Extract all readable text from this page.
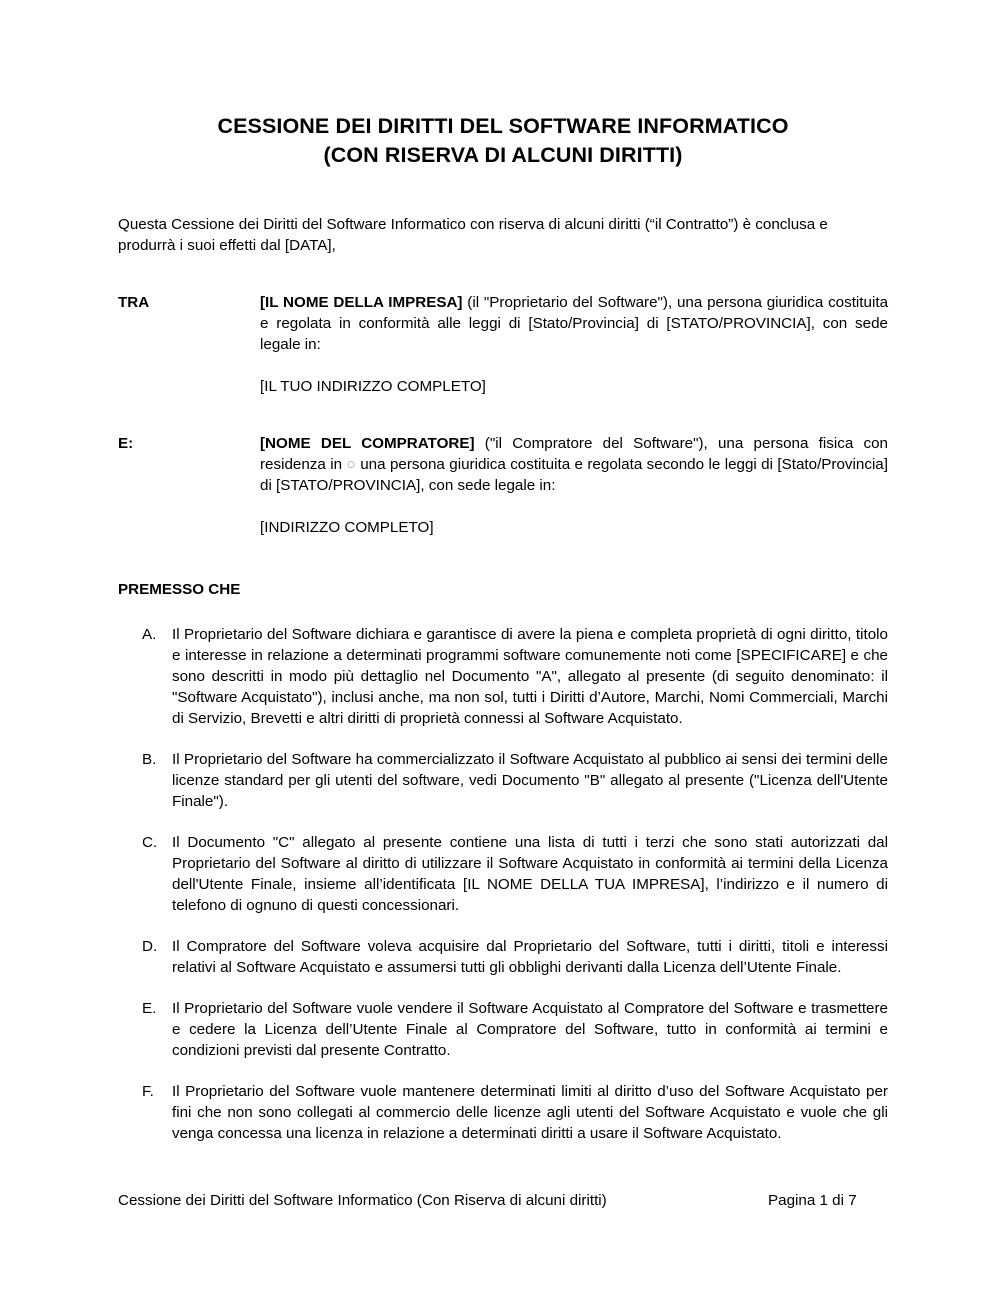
CESSIONE DEI DIRITTI DEL SOFTWARE INFORMATICO
(CON RISERVA DI ALCUNI DIRITTI)

Questa Cessione dei Diritti del Software Informatico con riserva di alcuni diritti (“il Contratto”) è conclusa e produrrà i suoi effetti dal [DATA],

TRA	[IL NOME DELLA IMPRESA] (il "Proprietario del Software"), una persona giuridica costituita e regolata in conformità alle leggi di [Stato/Provincia] di [STATO/PROVINCIA], con sede legale in:
[IL TUO INDIRIZZO COMPLETO]
E:	[NOME DEL COMPRATORE] ("il Compratore del Software"), una persona fisica con residenza in ○ una persona giuridica costituita e regolata secondo le leggi di [Stato/Provincia] di [STATO/PROVINCIA], con sede legale in:
[INDIRIZZO COMPLETO]
PREMESSO CHE
A.	Il Proprietario del Software dichiara e garantisce di avere la piena e completa proprietà di ogni diritto, titolo e interesse in relazione a determinati programmi software comunemente noti come [SPECIFICARE] e che sono descritti in modo più dettaglio nel Documento "A", allegato al presente (di seguito denominato: il "Software Acquistato"), inclusi anche, ma non sol, tutti i Diritti d’Autore, Marchi, Nomi Commerciali, Marchi di Servizio, Brevetti e altri diritti di proprietà connessi al Software Acquistato.
B.	Il Proprietario del Software ha commercializzato il Software Acquistato al pubblico ai sensi dei termini delle licenze standard per gli utenti del software, vedi Documento "B" allegato al presente ("Licenza dell'Utente Finale").
C. Il Documento "C" allegato al presente contiene una lista di tutti i terzi che sono stati autorizzati dal Proprietario del Software al diritto di utilizzare il Software Acquistato in conformità ai termini della Licenza dell'Utente Finale, insieme all’identificata [IL NOME DELLA TUA IMPRESA], l’indirizzo e il numero di telefono di ognuno di questi concessionari.
D. Il Compratore del Software voleva acquisire dal Proprietario del Software, tutti i diritti, titoli e interessi relativi al Software Acquistato e assumersi tutti gli obblighi derivanti dalla Licenza dell’Utente Finale.
E.	Il Proprietario del Software vuole vendere il Software Acquistato al Compratore del Software e trasmettere e cedere la Licenza dell’Utente Finale al Compratore del Software, tutto in conformità ai termini e condizioni previsti dal presente Contratto.
F.	Il Proprietario del Software vuole mantenere determinati limiti al diritto d’uso del Software Acquistato per fini che non sono collegati al commercio delle licenze agli utenti del Software Acquistato e vuole che gli venga concessa una licenza in relazione a determinati diritti a usare il Software Acquistato.
Cessione dei Diritti del Software Informatico (Con Riserva di alcuni diritti)	Pagina 1 di 7
